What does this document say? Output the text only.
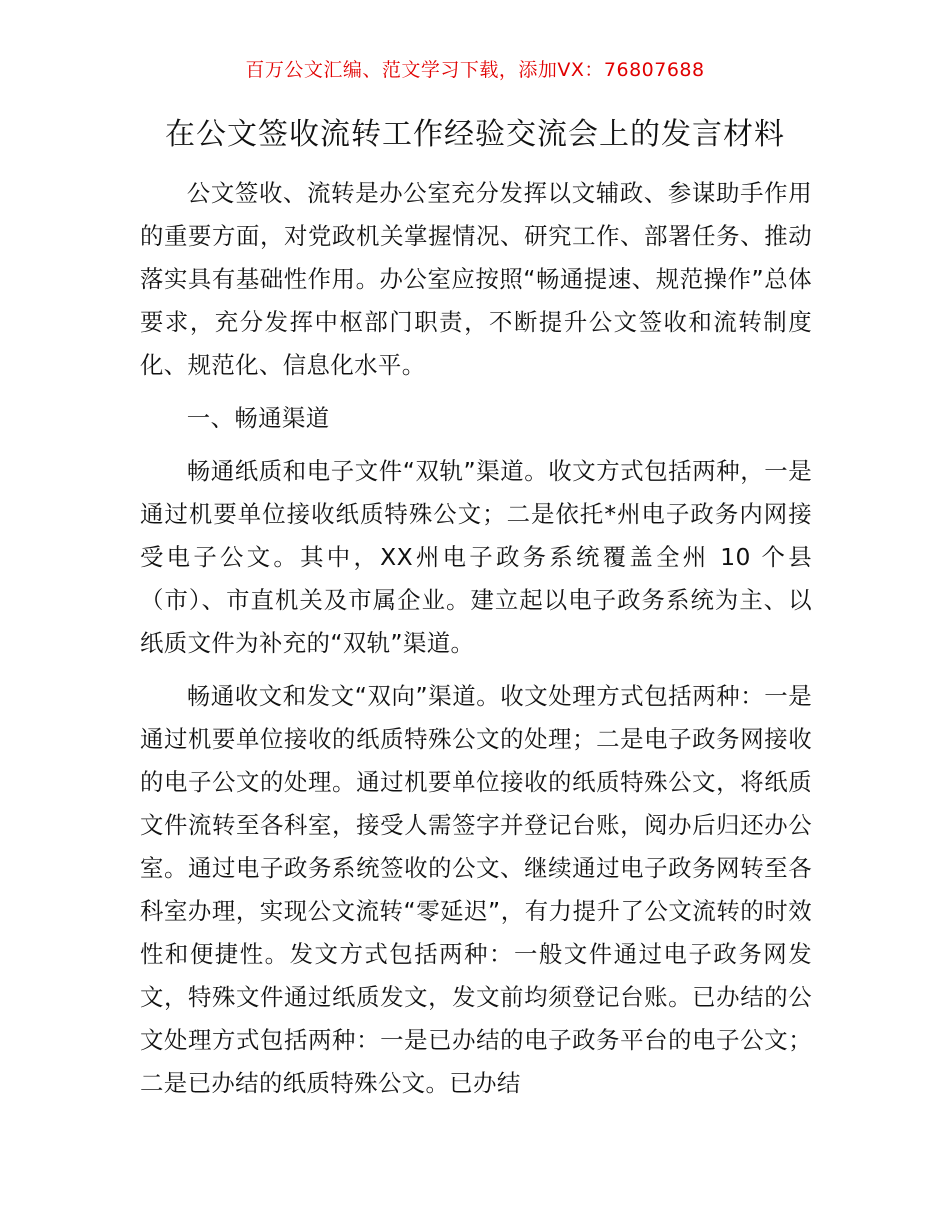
百万公文汇编、范文学习下载，添加VX：76807688
在公文签收流转工作经验交流会上的发言材料

公文签收、流转是办公室充分发挥以文辅政、参谋助手作用的重要方面，对党政机关掌握情况、研究工作、部署任务、推动落实具有基础性作用。办公室应按照“畅通提速、规范操作”总体要求，充分发挥中枢部门职责，不断提升公文签收和流转制度化、规范化、信息化水平。

一、畅通渠道

畅通纸质和电子文件“双轨”渠道。收文方式包括两种，一是通过机要单位接收纸质特殊公文；二是依托*州电子政务内网接受电子公文。其中，XX州电子政务系统覆盖全州 10 个县（市）、市直机关及市属企业。建立起以电子政务系统为主、以纸质文件为补充的“双轨”渠道。

畅通收文和发文“双向”渠道。收文处理方式包括两种：一是通过机要单位接收的纸质特殊公文的处理；二是电子政务网接收的电子公文的处理。通过机要单位接收的纸质特殊公文，将纸质文件流转至各科室，接受人需签字并登记台账，阅办后归还办公室。通过电子政务系统签收的公文、继续通过电子政务网转至各科室办理，实现公文流转“零延迟”，有力提升了公文流转的时效性和便捷性。发文方式包括两种：一般文件通过电子政务网发文，特殊文件通过纸质发文，发文前均须登记台账。已办结的公文处理方式包括两种：一是已办结的电子政务平台的电子公文；二是已办结的纸质特殊公文。已办结
